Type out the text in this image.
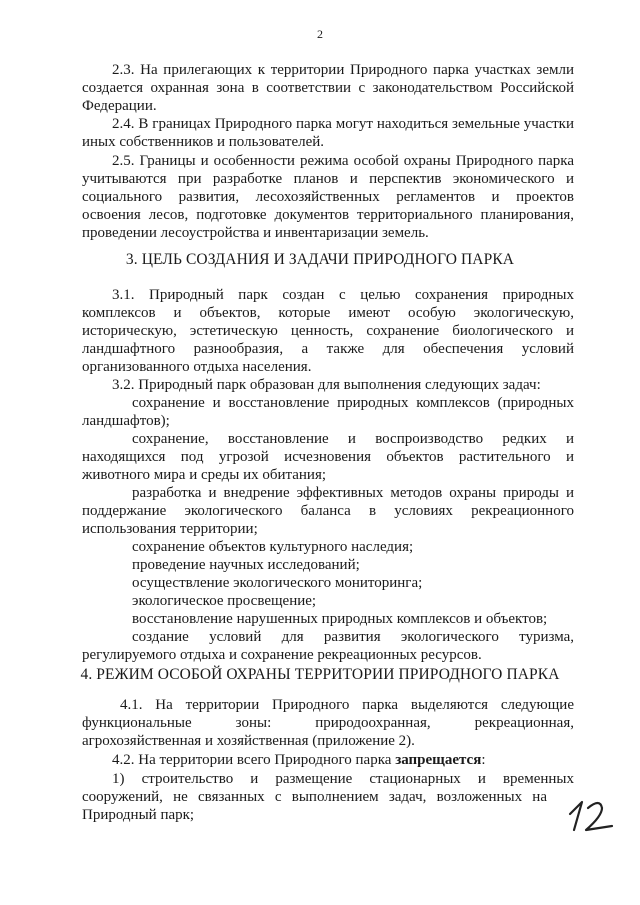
2
2.3. На прилегающих к территории Природного парка участках земли
создается охранная зона в соответствии с законодательством Российской
Федерации.
2.4. В границах Природного парка могут находиться земельные участки
иных собственников и пользователей.
2.5. Границы и особенности режима особой охраны Природного парка
учитываются при разработке планов и перспектив экономического и
социального развития, лесохозяйственных регламентов и проектов
освоения лесов, подготовке документов территориального планирования,
проведении лесоустройства и инвентаризации земель.
3. ЦЕЛЬ СОЗДАНИЯ И ЗАДАЧИ ПРИРОДНОГО ПАРКА
3.1. Природный парк создан с целью сохранения природных
комплексов и объектов, которые имеют особую экологическую,
историческую, эстетическую ценность, сохранение биологического и
ландшафтного разнообразия, а также для обеспечения условий
организованного отдыха населения.
3.2. Природный парк образован для выполнения следующих задач:
сохранение и восстановление природных комплексов (природных
ландшафтов);
сохранение, восстановление и воспроизводство редких и
находящихся под угрозой исчезновения объектов растительного и
животного мира и среды их обитания;
разработка и внедрение эффективных методов охраны природы и
поддержание экологического баланса в условиях рекреационного
использования территории;
сохранение объектов культурного наследия;
проведение научных исследований;
осуществление экологического мониторинга;
экологическое просвещение;
восстановление нарушенных природных комплексов и объектов;
создание условий для развития экологического туризма,
регулируемого отдыха и сохранение рекреационных ресурсов.
4. РЕЖИМ ОСОБОЙ ОХРАНЫ ТЕРРИТОРИИ ПРИРОДНОГО ПАРКА
4.1. На территории Природного парка выделяются следующие
функциональные зоны: природоохранная, рекреационная,
агрохозяйственная и хозяйственная (приложение 2).
4.2. На территории всего Природного парка запрещается:
1) строительство и размещение стационарных и временных
сооружений, не связанных с выполнением задач, возложенных на
Природный парк;
